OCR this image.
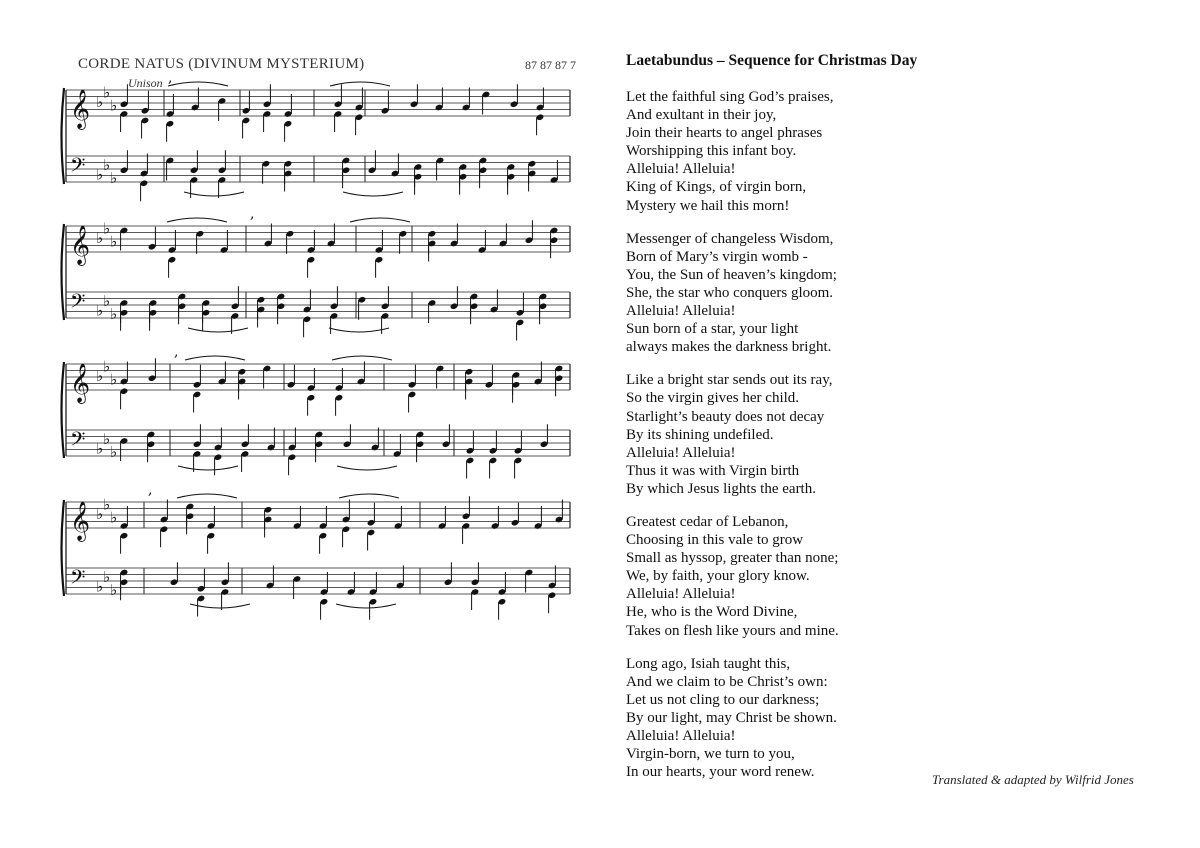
CORDE NATUS (DIVINUM MYSTERIUM)	87 87 87 7
Unison
𝄞 ♭
♭
♭
𝄢 ♭
♭
♭
,
𝄞 ♭
♭
♭
𝄢 ♭
♭
♭
,
𝄞 ♭
♭
♭
𝄢 ♭
♭
♭
,
𝄞 ♭
♭
♭
𝄢 ♭
♭
♭
,
Laetabundus – Sequence for Christmas Day
Let the faithful sing God’s praises,
And exultant in their joy,
Join their hearts to angel phrases
Worshipping this infant boy.
Alleluia! Alleluia!
King of Kings, of virgin born,
Mystery we hail this morn!
Messenger of changeless Wisdom,
Born of Mary’s virgin womb -
You, the Sun of heaven’s kingdom;
She, the star who conquers gloom.
Alleluia! Alleluia!
Sun born of a star, your light
always makes the darkness bright.
Like a bright star sends out its ray,
So the virgin gives her child.
Starlight’s beauty does not decay
By its shining undefiled.
Alleluia! Alleluia!
Thus it was with Virgin birth
By which Jesus lights the earth.
Greatest cedar of Lebanon,
Choosing in this vale to grow
Small as hyssop, greater than none;
We, by faith, your glory know.
Alleluia! Alleluia!
He, who is the Word Divine,
Takes on flesh like yours and mine.
Long ago, Isiah taught this,
And we claim to be Christ’s own:
Let us not cling to our darkness;
By our light, may Christ be shown.
Alleluia! Alleluia!
Virgin-born, we turn to you,
In our hearts, your word renew.	Translated & adapted by Wilfrid Jones
